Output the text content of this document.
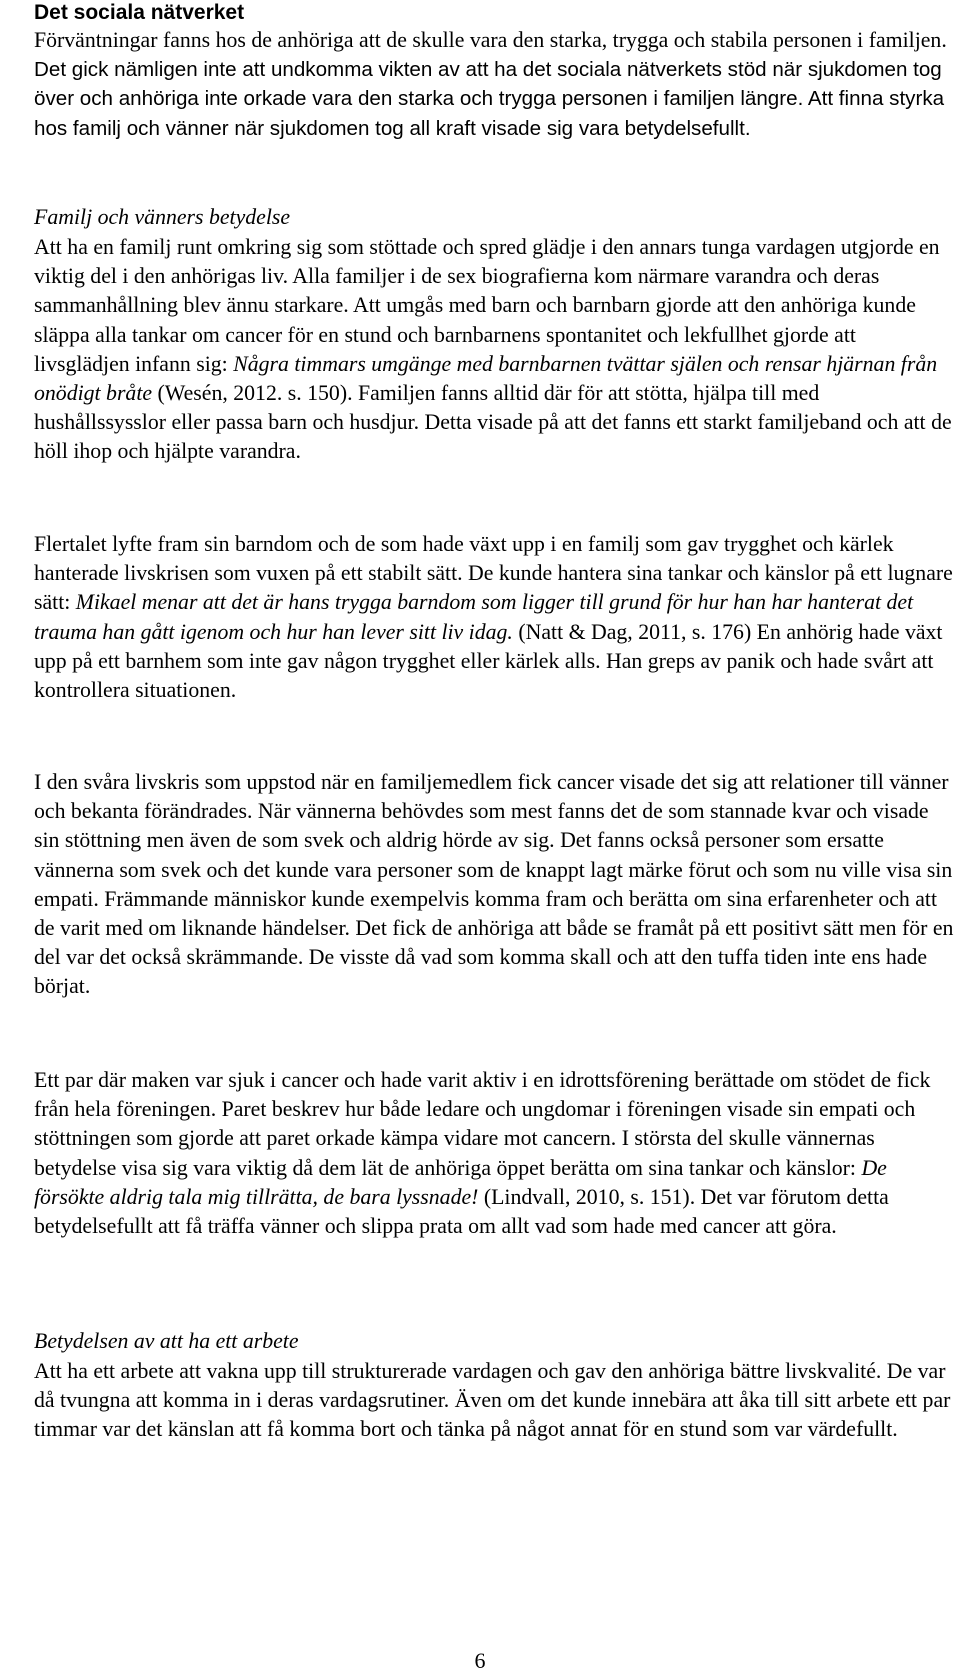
Det sociala nätverket
Förväntningar fanns hos de anhöriga att de skulle vara den starka, trygga och stabila personen i familjen. Det gick nämligen inte att undkomma vikten av att ha det sociala nätverkets stöd när sjukdomen tog över och anhöriga inte orkade vara den starka och trygga personen i familjen längre. Att finna styrka hos familj och vänner när sjukdomen tog all kraft visade sig vara betydelsefullt.
Familj och vänners betydelse
Att ha en familj runt omkring sig som stöttade och spred glädje i den annars tunga vardagen utgjorde en viktig del i den anhörigas liv. Alla familjer i de sex biografierna kom närmare varandra och deras sammanhållning blev ännu starkare. Att umgås med barn och barnbarn gjorde att den anhöriga kunde släppa alla tankar om cancer för en stund och barnbarnens spontanitet och lekfullhet gjorde att livsglädjen infann sig: Några timmars umgänge med barnbarnen tvättar själen och rensar hjärnan från onödigt bråte (Wesén, 2012. s. 150). Familjen fanns alltid där för att stötta, hjälpa till med hushållssysslor eller passa barn och husdjur. Detta visade på att det fanns ett starkt familjeband och att de höll ihop och hjälpte varandra.
Flertalet lyfte fram sin barndom och de som hade växt upp i en familj som gav trygghet och kärlek hanterade livskrisen som vuxen på ett stabilt sätt. De kunde hantera sina tankar och känslor på ett lugnare sätt: Mikael menar att det är hans trygga barndom som ligger till grund för hur han har hanterat det trauma han gått igenom och hur han lever sitt liv idag. (Natt & Dag, 2011, s. 176) En anhörig hade växt upp på ett barnhem som inte gav någon trygghet eller kärlek alls. Han greps av panik och hade svårt att kontrollera situationen.
I den svåra livskris som uppstod när en familjemedlem fick cancer visade det sig att relationer till vänner och bekanta förändrades. När vännerna behövdes som mest fanns det de som stannade kvar och visade sin stöttning men även de som svek och aldrig hörde av sig. Det fanns också personer som ersatte vännerna som svek och det kunde vara personer som de knappt lagt märke förut och som nu ville visa sin empati. Främmande människor kunde exempelvis komma fram och berätta om sina erfarenheter och att de varit med om liknande händelser. Det fick de anhöriga att både se framåt på ett positivt sätt men för en del var det också skrämmande. De visste då vad som komma skall och att den tuffa tiden inte ens hade börjat.
Ett par där maken var sjuk i cancer och hade varit aktiv i en idrottsförening berättade om stödet de fick från hela föreningen. Paret beskrev hur både ledare och ungdomar i föreningen visade sin empati och stöttningen som gjorde att paret orkade kämpa vidare mot cancern. I största del skulle vännernas betydelse visa sig vara viktig då dem lät de anhöriga öppet berätta om sina tankar och känslor: De försökte aldrig tala mig tillrätta, de bara lyssnade! (Lindvall, 2010, s. 151). Det var förutom detta betydelsefullt att få träffa vänner och slippa prata om allt vad som hade med cancer att göra.
Betydelsen av att ha ett arbete
Att ha ett arbete att vakna upp till strukturerade vardagen och gav den anhöriga bättre livskvalité. De var då tvungna att komma in i deras vardagsrutiner. Även om det kunde innebära att åka till sitt arbete ett par timmar var det känslan att få komma bort och tänka på något annat för en stund som var värdefullt.
6
